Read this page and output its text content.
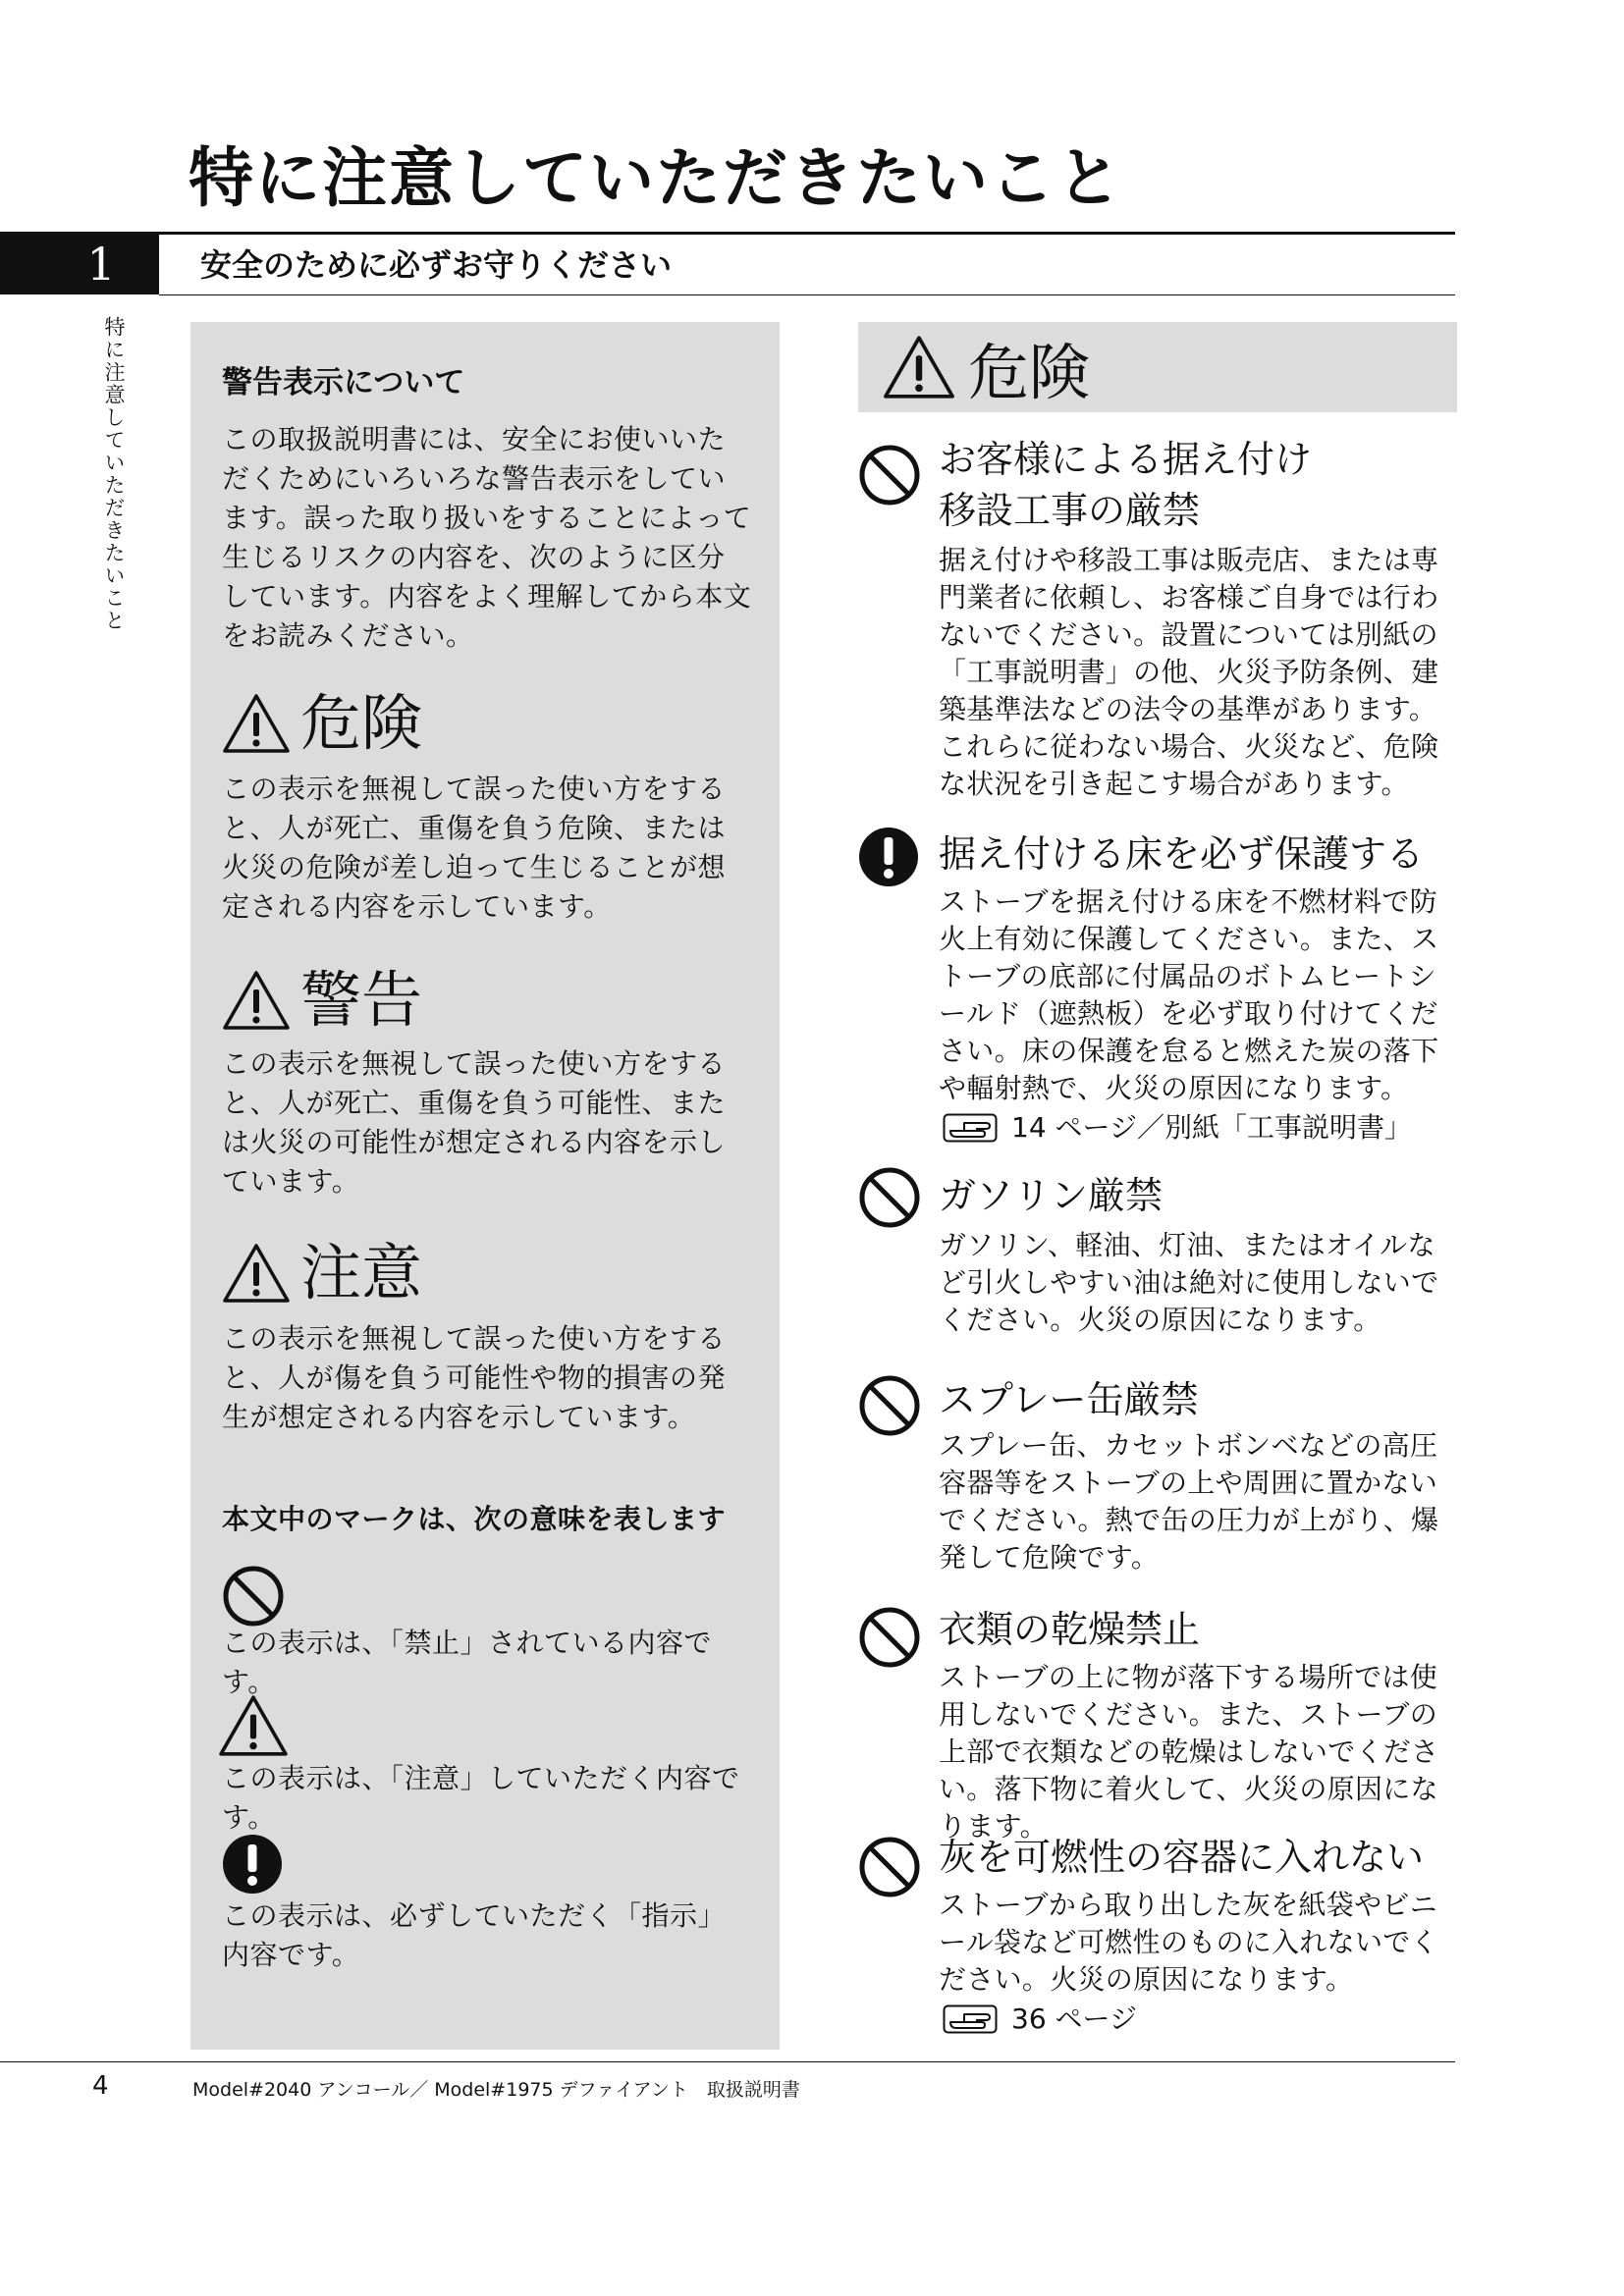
特に注意していただきたいこと
1	安全のために必ずお守りください
特に注意していただきたいこと	警告表示について
この取扱説明書には、安全にお使いいただくためにいろいろな警告表示をしています。誤った取り扱いをすることによって生じるリスクの内容を、次のように区分しています。内容をよく理解してから本文をお読みください。
危険
この表示を無視して誤った使い方をすると、人が死亡、重傷を負う危険、または火災の危険が差し迫って生じることが想定される内容を示しています。
警告
この表示を無視して誤った使い方をすると、人が死亡、重傷を負う可能性、または火災の可能性が想定される内容を示しています。
注意
この表示を無視して誤った使い方をすると、人が傷を負う可能性や物的損害の発生が想定される内容を示しています。
本文中のマークは、次の意味を表します
この表示は、「禁止」されている内容です。
この表示は、「注意」していただく内容です。
この表示は、必ずしていただく「指示」内容です。
危険
お客様による据え付け
移設工事の厳禁
据え付けや移設工事は販売店、または専門業者に依頼し、お客様ご自身では行わないでください。設置については別紙の「工事説明書」の他、火災予防条例、建築基準法などの法令の基準があります。これらに従わない場合、火災など、危険な状況を引き起こす場合があります。
据え付ける床を必ず保護する
ストーブを据え付ける床を不燃材料で防火上有効に保護してください。また、ストーブの底部に付属品のボトムヒートシールド（遮熱板）を必ず取り付けてください。床の保護を怠ると燃えた炭の落下や輻射熱で、火災の原因になります。
14 ページ／別紙「工事説明書」
ガソリン厳禁
ガソリン、軽油、灯油、またはオイルなど引火しやすい油は絶対に使用しないでください。火災の原因になります。
スプレー缶厳禁
スプレー缶、カセットボンベなどの高圧容器等をストーブの上や周囲に置かないでください。熱で缶の圧力が上がり、爆発して危険です。
衣類の乾燥禁止
ストーブの上に物が落下する場所では使用しないでください。また、ストーブの上部で衣類などの乾燥はしないでください。落下物に着火して、火災の原因になります。
灰を可燃性の容器に入れない
ストーブから取り出した灰を紙袋やビニール袋など可燃性のものに入れないでください。火災の原因になります。
36 ページ
4	Model#2040 アンコール／ Model#1975 デファイアント　取扱説明書
